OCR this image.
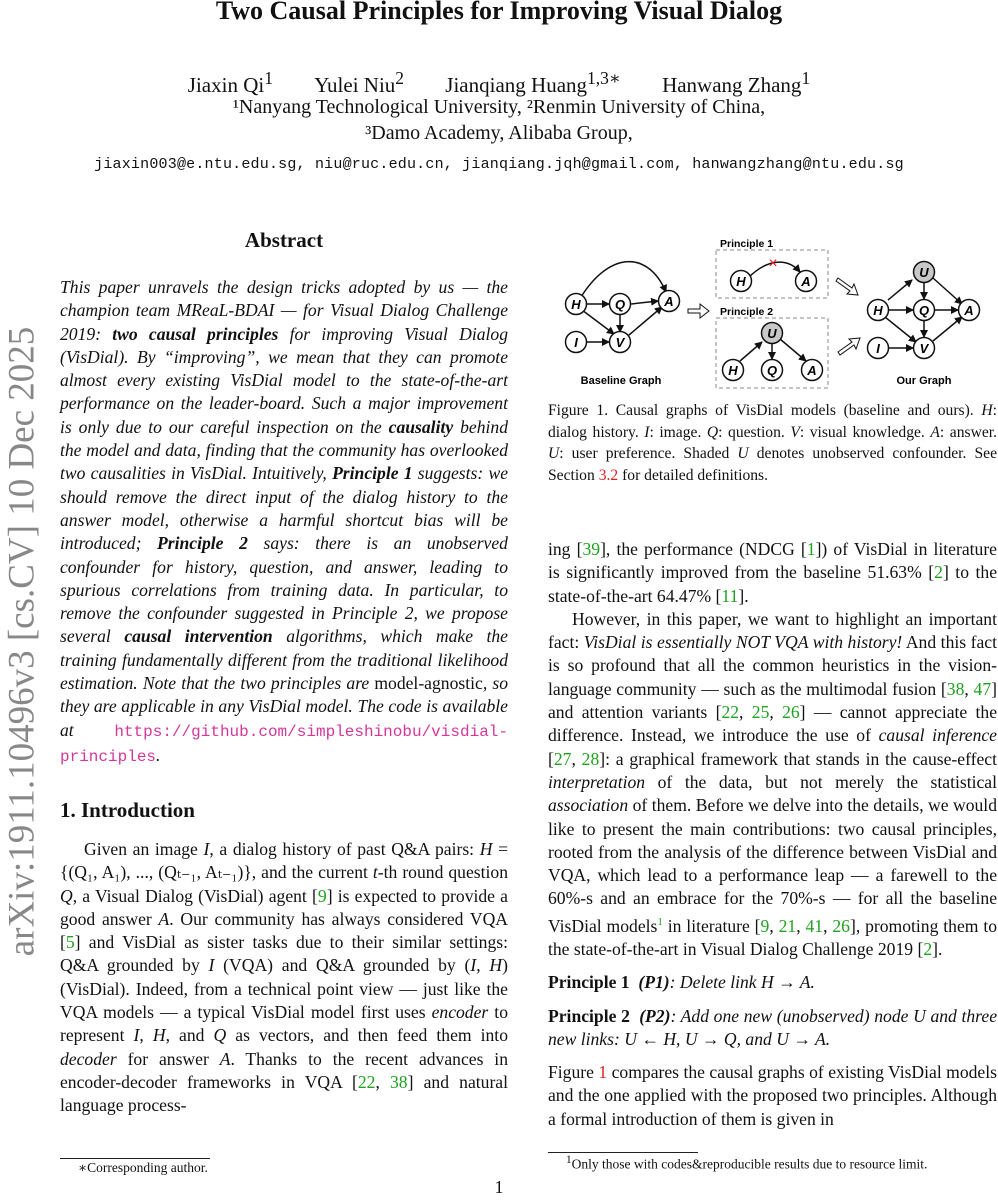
Two Causal Principles for Improving Visual Dialog
Jiaxin Qi$^1$ Yulei Niu$^2$ Jianqiang Huang$^{1,3∗}$ Hanwang Zhang$^1$
¹Nanyang Technological University, ²Renmin University of China,
³Damo Academy, Alibaba Group,
jiaxin003@e.ntu.edu.sg, niu@ruc.edu.cn, jianqiang.jqh@gmail.com, hanwangzhang@ntu.edu.sg
arXiv:1911.10496v3 [cs.CV] 10 Dec 2025
Abstract
This paper unravels the design tricks adopted by us — the champion team MReaL-BDAI — for Visual Dialog Challenge 2019: two causal principles for improving Visual Dialog (VisDial). By “improving”, we mean that they can promote almost every existing VisDial model to the state-of-the-art performance on the leader-board. Such a major improvement is only due to our careful inspection on the causality behind the model and data, finding that the community has overlooked two causalities in VisDial. Intuitively, Principle 1 suggests: we should remove the direct input of the dialog history to the answer model, otherwise a harmful shortcut bias will be introduced; Principle 2 says: there is an unobserved confounder for history, question, and answer, leading to spurious correlations from training data. In particular, to remove the confounder suggested in Principle 2, we propose several causal intervention algorithms, which make the training fundamentally different from the traditional likelihood estimation. Note that the two principles are model-agnostic, so they are applicable in any VisDial model. The code is available at https://github.com/simpleshinobu/visdial-principles.
1. Introduction
Given an image I, a dialog history of past Q&A pairs: H = {(Q₁, A₁), ..., (Qₜ₋₁, Aₜ₋₁)}, and the current t-th round question Q, a Visual Dialog (VisDial) agent [9] is expected to provide a good answer A. Our community has always considered VQA [5] and VisDial as sister tasks due to their similar settings: Q&A grounded by I (VQA) and Q&A grounded by (I, H) (VisDial). Indeed, from a technical point view — just like the VQA models — a typical VisDial model first uses encoder to represent I, H, and Q as vectors, and then feed them into decoder for answer A. Thanks to the recent advances in encoder-decoder frameworks in VQA [22, 38] and natural language process-
∗Corresponding author.
H	Q	A
I	V
Baseline Graph
Principle 1
×
H	A
Principle 2
U
H Q A
U
H	Q	A
I	V
Our Graph
Figure 1. Causal graphs of VisDial models (baseline and ours). H: dialog history. I: image. Q: question. V: visual knowledge. A: answer. U: user preference. Shaded U denotes unobserved confounder. See Section 3.2 for detailed definitions.

ing [39], the performance (NDCG [1]) of VisDial in literature is significantly improved from the baseline 51.63% [2] to the state-of-the-art 64.47% [11].

However, in this paper, we want to highlight an important fact: VisDial is essentially NOT VQA with history! And this fact is so profound that all the common heuristics in the vision-language community — such as the multimodal fusion [38, 47] and attention variants [22, 25, 26] — cannot appreciate the difference. Instead, we introduce the use of causal inference [27, 28]: a graphical framework that stands in the cause-effect interpretation of the data, but not merely the statistical association of them. Before we delve into the details, we would like to present the main contributions: two causal principles, rooted from the analysis of the difference between VisDial and VQA, which lead to a performance leap — a farewell to the 60%-s and an embrace for the 70%-s — for all the baseline VisDial models$^1$ in literature [9, 21, 41, 26], promoting them to the state-of-the-art in Visual Dialog Challenge 2019 [2].

Principle 1 (P1): Delete link H → A.

Principle 2 (P2): Add one new (unobserved) node U and three new links: U ← H, U → Q, and U → A.

Figure 1 compares the causal graphs of existing VisDial models and the one applied with the proposed two principles. Although a formal introduction of them is given in

$^1$Only those with codes&reproducible results due to resource limit.
1
